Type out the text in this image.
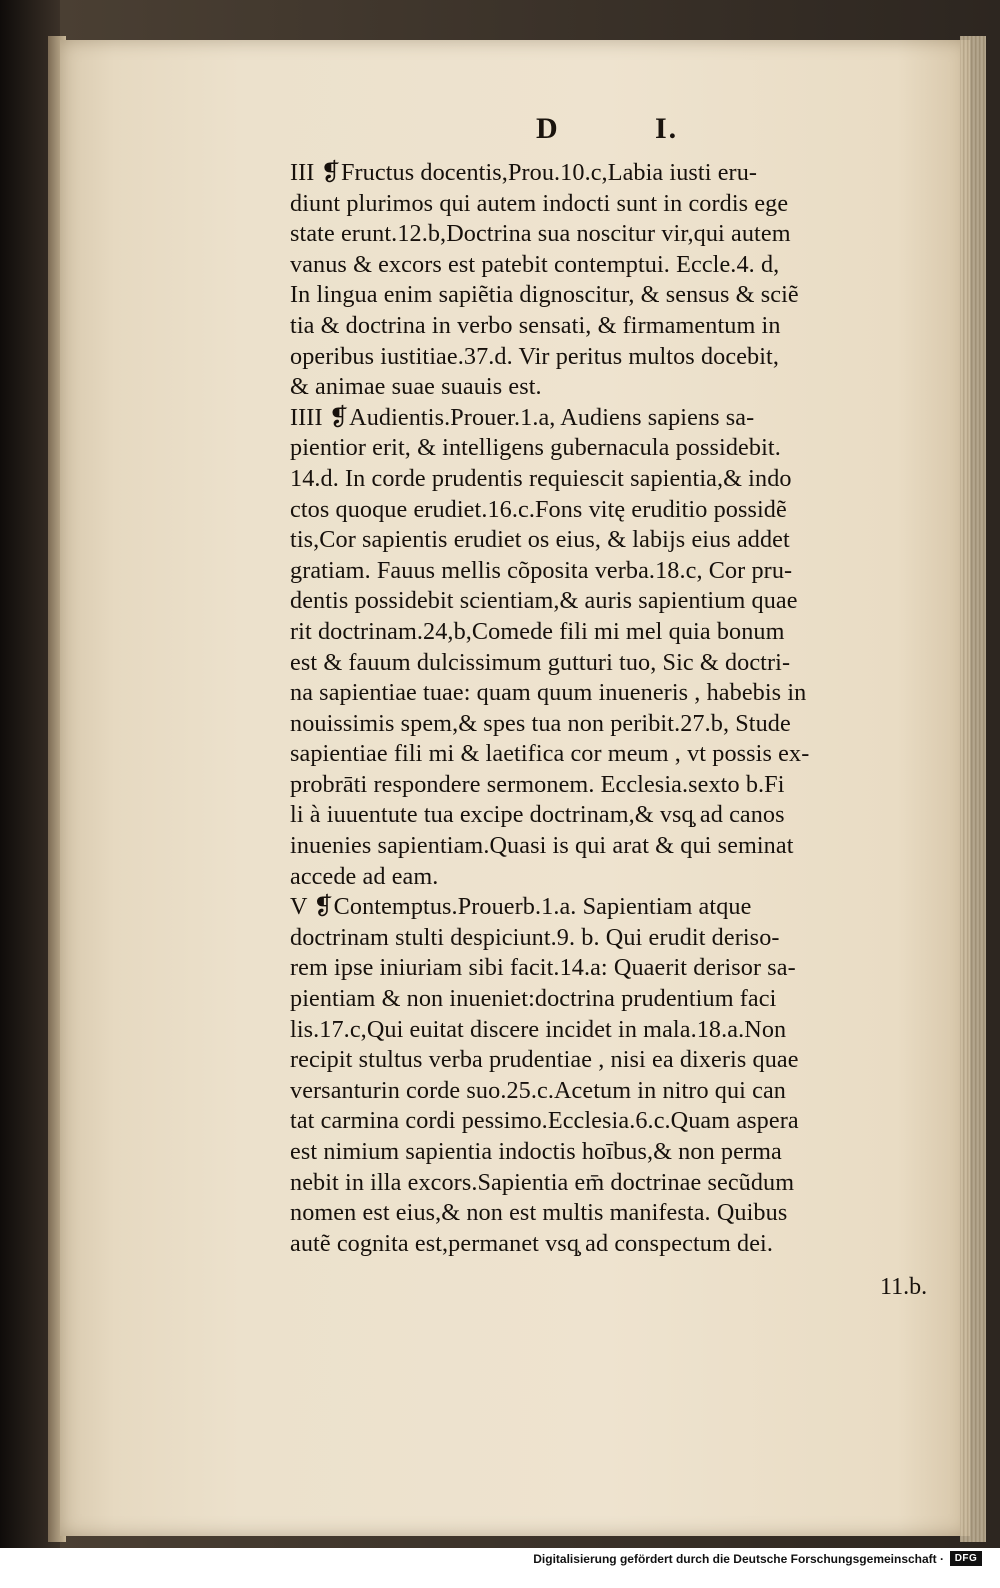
D	I.
III ❡Fructus docentis,Prou.10.c,Labia iusti eru-
diunt plurimos qui autem indocti sunt in cordis ege
state erunt.12.b,Doctrina sua noscitur vir,qui autem
vanus & excors est patebit contemptui. Eccle.4. d,
In lingua enim sapiẽtia dignoscitur, & sensus & sciẽ
tia & doctrina in verbo sensati, & firmamentum in
operibus iustitiae.37.d. Vir peritus multos docebit,
& animae suae suauis est.
IIII ❡Audientis.Prouer.1.a, Audiens sapiens sa-
pientior erit, & intelligens gubernacula possidebit.
14.d. In corde prudentis requiescit sapientia,& indo
ctos quoque erudiet.16.c.Fons vitę eruditio possidẽ
tis,Cor sapientis erudiet os eius, & labijs eius addet
gratiam. Fauus mellis cõposita verba.18.c, Cor pru-
dentis possidebit scientiam,& auris sapientium quae
rit doctrinam.24,b,Comede fili mi mel quia bonum
est & fauum dulcissimum gutturi tuo, Sic & doctri-
na sapientiae tuae: quam quum inueneris , habebis in
nouissimis spem,& spes tua non peribit.27.b, Stude
sapientiae fili mi & laetifica cor meum , vt possis ex-
probrāti respondere sermonem. Ecclesia.sexto b.Fi
li à iuuentute tua excipe doctrinam,& vsq̧ ad canos
inuenies sapientiam.Quasi is qui arat & qui seminat
accede ad eam.
V ❡Contemptus.Prouerb.1.a. Sapientiam atque
doctrinam stulti despiciunt.9. b. Qui erudit deriso-
rem ipse iniuriam sibi facit.14.a: Quaerit derisor sa-
pientiam & non inueniet:doctrina prudentium faci
lis.17.c,Qui euitat discere incidet in mala.18.a.Non
recipit stultus verba prudentiae , nisi ea dixeris quae
versanturin corde suo.25.c.Acetum in nitro qui can
tat carmina cordi pessimo.Ecclesia.6.c.Quam aspera
est nimium sapientia indoctis hoībus,& non perma
nebit in illa excors.Sapientia em̄ doctrinae secũdum
nomen est eius,& non est multis manifesta. Quibus
autẽ cognita est,permanet vsq̧ ad conspectum dei.
11.b.
Digitalisierung gefördert durch die Deutsche Forschungsgemeinschaft ·	DFG
